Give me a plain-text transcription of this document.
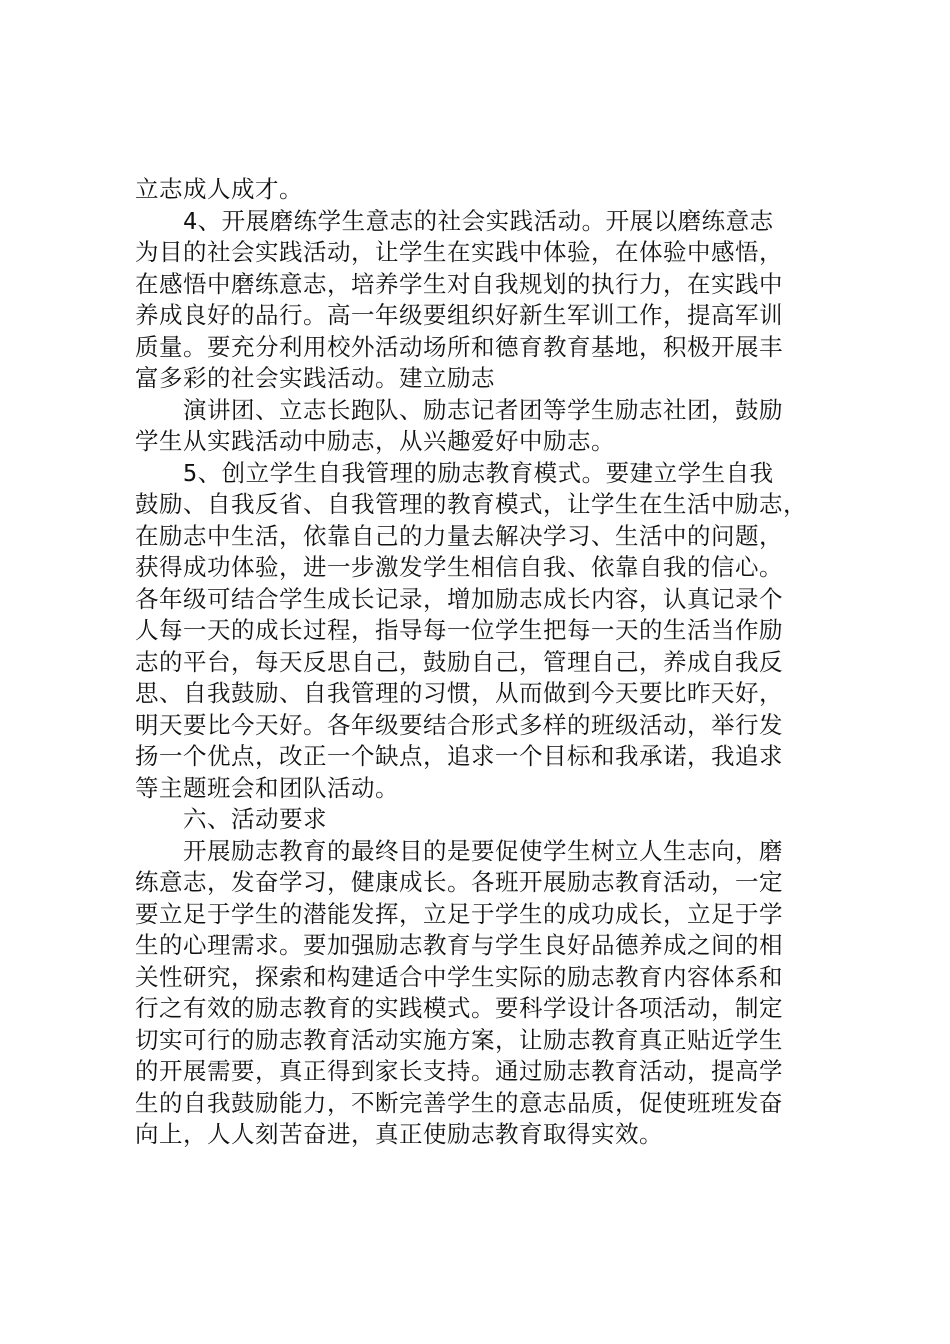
立志成人成才。
　　4、开展磨练学生意志的社会实践活动。开展以磨练意志
为目的社会实践活动，让学生在实践中体验，在体验中感悟，
在感悟中磨练意志，培养学生对自我规划的执行力，在实践中
养成良好的品行。高一年级要组织好新生军训工作，提高军训
质量。要充分利用校外活动场所和德育教育基地，积极开展丰
富多彩的社会实践活动。建立励志
　　演讲团、立志长跑队、励志记者团等学生励志社团，鼓励
学生从实践活动中励志，从兴趣爱好中励志。
　　5、创立学生自我管理的励志教育模式。要建立学生自我
鼓励、自我反省、自我管理的教育模式，让学生在生活中励志，
在励志中生活，依靠自己的力量去解决学习、生活中的问题，
获得成功体验，进一步激发学生相信自我、依靠自我的信心。
各年级可结合学生成长记录，增加励志成长内容，认真记录个
人每一天的成长过程，指导每一位学生把每一天的生活当作励
志的平台，每天反思自己，鼓励自己，管理自己，养成自我反
思、自我鼓励、自我管理的习惯，从而做到今天要比昨天好，
明天要比今天好。各年级要结合形式多样的班级活动，举行发
扬一个优点，改正一个缺点，追求一个目标和我承诺，我追求
等主题班会和团队活动。
　　六、活动要求
　　开展励志教育的最终目的是要促使学生树立人生志向，磨
练意志，发奋学习，健康成长。各班开展励志教育活动，一定
要立足于学生的潜能发挥，立足于学生的成功成长，立足于学
生的心理需求。要加强励志教育与学生良好品德养成之间的相
关性研究，探索和构建适合中学生实际的励志教育内容体系和
行之有效的励志教育的实践模式。要科学设计各项活动，制定
切实可行的励志教育活动实施方案，让励志教育真正贴近学生
的开展需要，真正得到家长支持。通过励志教育活动，提高学
生的自我鼓励能力，不断完善学生的意志品质，促使班班发奋
向上，人人刻苦奋进，真正使励志教育取得实效。
